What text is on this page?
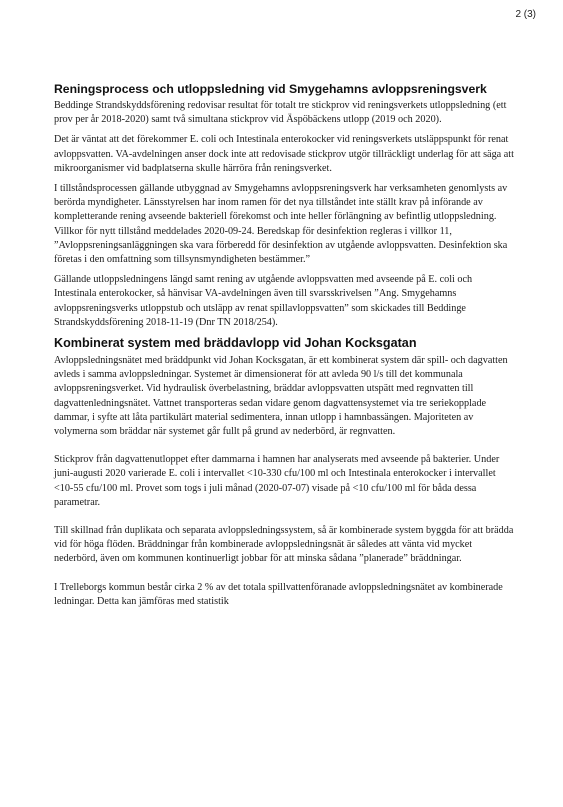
2 (3)
Reningsprocess och utloppsledning vid Smygehamns avloppsreningsverk

Beddinge Strandskyddsförening redovisar resultat för totalt tre stickprov vid reningsverkets utloppsledning (ett prov per år 2018-2020) samt två simultana stickprov vid Äspöbäckens utlopp (2019 och 2020).

Det är väntat att det förekommer E. coli och Intestinala enterokocker vid reningsverkets utsläppspunkt för renat avloppsvatten. VA-avdelningen anser dock inte att redovisade stickprov utgör tillräckligt underlag för att säga att mikroorganismer vid badplatserna skulle härröra från reningsverket.

I tillståndsprocessen gällande utbyggnad av Smygehamns avloppsreningsverk har verksamheten genomlysts av berörda myndigheter. Länsstyrelsen har inom ramen för det nya tillståndet inte ställt krav på införande av kompletterande rening avseende bakteriell förekomst och inte heller förlängning av befintlig utloppsledning. Villkor för nytt tillstånd meddelades 2020-09-24. Beredskap för desinfektion regleras i villkor 11, ”Avloppsreningsanläggningen ska vara förberedd för desinfektion av utgående avloppsvatten. Desinfektion ska företas i den omfattning som tillsynsmyndigheten bestämmer.”

Gällande utloppsledningens längd samt rening av utgående avloppsvatten med avseende på E. coli och Intestinala enterokocker, så hänvisar VA-avdelningen även till svarsskrivelsen ”Ang. Smygehamns avloppsreningsverks utloppstub och utsläpp av renat spillavloppsvatten” som skickades till Beddinge Strandskyddsförening 2018-11-19 (Dnr TN 2018/254).

Kombinerat system med bräddavlopp vid Johan Kocksgatan

Avloppsledningsnätet med bräddpunkt vid Johan Kocksgatan, är ett kombinerat system där spill- och dagvatten avleds i samma avloppsledningar. Systemet är dimensionerat för att avleda 90 l/s till det kommunala avloppsreningsverket. Vid hydraulisk överbelastning, bräddar avloppsvatten utspätt med regnvatten till dagvattenledningsnätet. Vattnet transporteras sedan vidare genom dagvattensystemet via tre seriekopplade dammar, i syfte att låta partikulärt material sedimentera, innan utlopp i hamnbassängen. Majoriteten av volymerna som bräddar när systemet går fullt på grund av nederbörd, är regnvatten.

Stickprov från dagvattenutloppet efter dammarna i hamnen har analyserats med avseende på bakterier. Under juni-augusti 2020 varierade E. coli i intervallet <10-330 cfu/100 ml och Intestinala enterokocker i intervallet <10-55 cfu/100 ml. Provet som togs i juli månad (2020-07-07) visade på <10 cfu/100 ml för båda dessa parametrar.

Till skillnad från duplikata och separata avloppsledningssystem, så är kombinerade system byggda för att brädda vid för höga flöden. Bräddningar från kombinerade avloppsledningsnät är således att vänta vid mycket nederbörd, även om kommunen kontinuerligt jobbar för att minska sådana ”planerade” bräddningar.

I Trelleborgs kommun består cirka 2 % av det totala spillvattenföranade avloppsledningsnätet av kombinerade ledningar. Detta kan jämföras med statistik
